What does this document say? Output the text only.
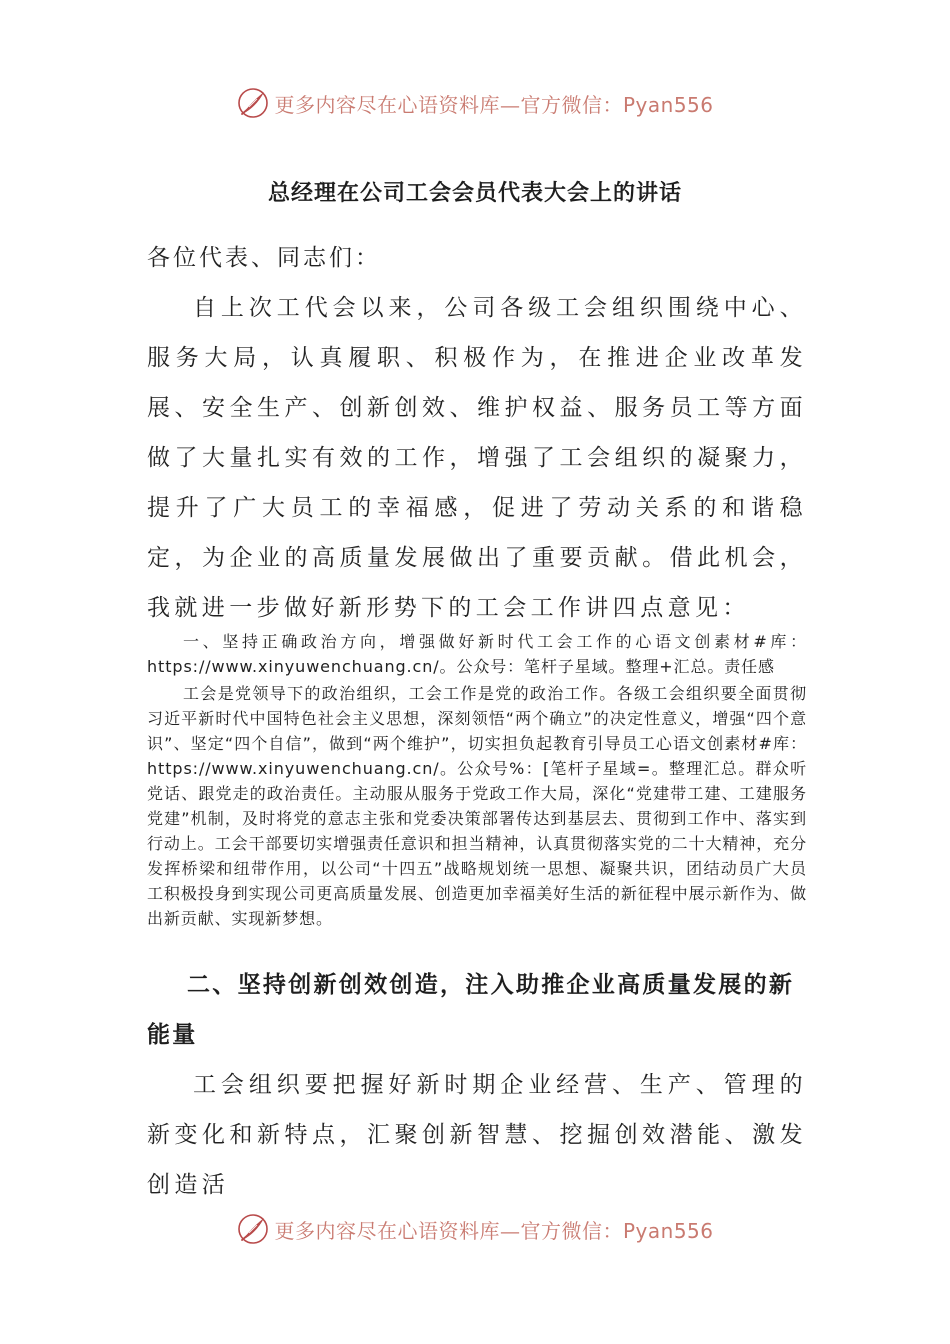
更多内容尽在心语资料库—官方微信：Pyan556
总经理在公司工会会员代表大会上的讲话

各位代表、同志们：

自上次工代会以来，公司各级工会组织围绕中心、服务大局，认真履职、积极作为，在推进企业改革发展、安全生产、创新创效、维护权益、服务员工等方面做了大量扎实有效的工作，增强了工会组织的凝聚力，提升了广大员工的幸福感，促进了劳动关系的和谐稳定，为企业的高质量发展做出了重要贡献。借此机会，我就进一步做好新形势下的工会工作讲四点意见：

一、坚持正确政治方向，增强做好新时代工会工作的心语文创素材#库：https://www.xinyuwenchuang.cn/。公众号：笔杆子星域。整理+汇总。责任感

工会是党领导下的政治组织，工会工作是党的政治工作。各级工会组织要全面贯彻习近平新时代中国特色社会主义思想，深刻领悟“两个确立”的决定性意义，增强“四个意识”、坚定“四个自信”，做到“两个维护”，切实担负起教育引导员工心语文创素材#库：https://www.xinyuwenchuang.cn/。公众号%：[笔杆子星域=。整理汇总。群众听党话、跟党走的政治责任。主动服从服务于党政工作大局，深化“党建带工建、工建服务党建”机制，及时将党的意志主张和党委决策部署传达到基层去、贯彻到工作中、落实到行动上。工会干部要切实增强责任意识和担当精神，认真贯彻落实党的二十大精神，充分发挥桥梁和纽带作用，以公司“十四五”战略规划统一思想、凝聚共识，团结动员广大员工积极投身到实现公司更高质量发展、创造更加幸福美好生活的新征程中展示新作为、做出新贡献、实现新梦想。

二、坚持创新创效创造，注入助推企业高质量发展的新能量

工会组织要把握好新时期企业经营、生产、管理的新变化和新特点，汇聚创新智慧、挖掘创效潜能、激发创造活

更多内容尽在心语资料库—官方微信：Pyan556
